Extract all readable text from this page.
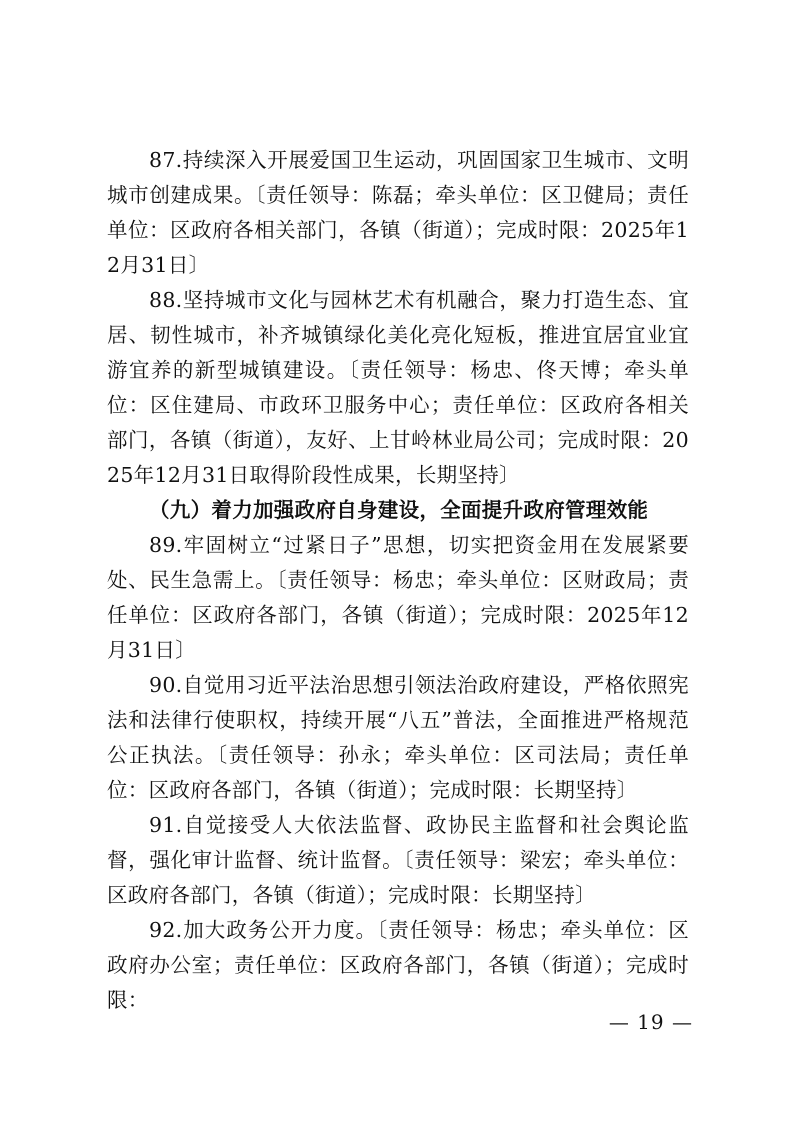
87.持续深入开展爱国卫生运动，巩固国家卫生城市、文明城市创建成果。〔责任领导：陈磊；牵头单位：区卫健局；责任单位：区政府各相关部门，各镇（街道）；完成时限：2025年12月31日〕

88.坚持城市文化与园林艺术有机融合，聚力打造生态、宜居、韧性城市，补齐城镇绿化美化亮化短板，推进宜居宜业宜游宜养的新型城镇建设。〔责任领导：杨忠、佟天博；牵头单位：区住建局、市政环卫服务中心；责任单位：区政府各相关部门，各镇（街道），友好、上甘岭林业局公司；完成时限：2025年12月31日取得阶段性成果，长期坚持〕

（九）着力加强政府自身建设，全面提升政府管理效能

89.牢固树立“过紧日子”思想，切实把资金用在发展紧要处、民生急需上。〔责任领导：杨忠；牵头单位：区财政局；责任单位：区政府各部门，各镇（街道）；完成时限：2025年12月31日〕

90.自觉用习近平法治思想引领法治政府建设，严格依照宪法和法律行使职权，持续开展“八五”普法，全面推进严格规范公正执法。〔责任领导：孙永；牵头单位：区司法局；责任单位：区政府各部门，各镇（街道）；完成时限：长期坚持〕

91.自觉接受人大依法监督、政协民主监督和社会舆论监督，强化审计监督、统计监督。〔责任领导：梁宏；牵头单位：区政府各部门，各镇（街道）；完成时限：长期坚持〕

92.加大政务公开力度。〔责任领导：杨忠；牵头单位：区政府办公室；责任单位：区政府各部门，各镇（街道）；完成时限：

— 19 —
